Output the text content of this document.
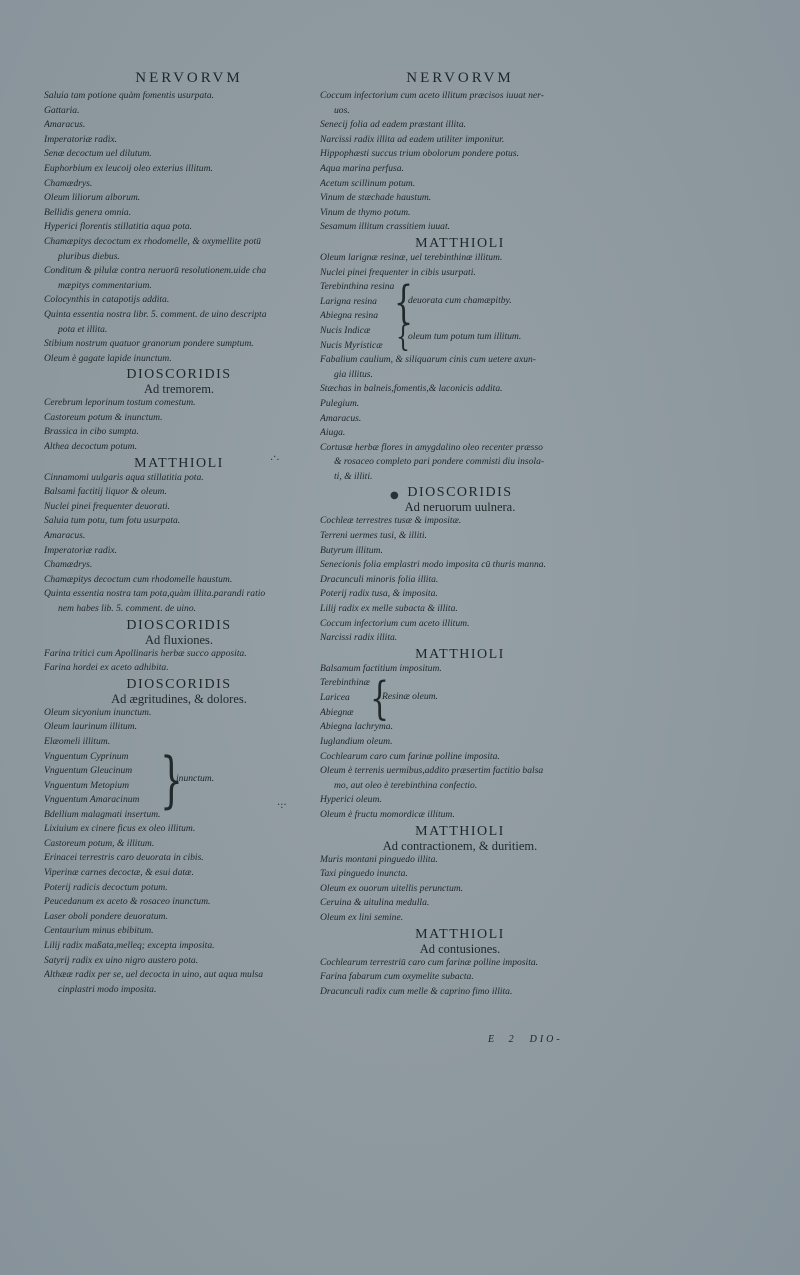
NERVORVM
Saluia tam potione quàm fomentis usurpata.
Gattaria.
Amaracus.
Imperatoriæ radix.
Senæ decoctum uel dilutum.
Euphorbium ex leucoij oleo exterius illitum.
Chamædrys.
Oleum liliorum alborum.
Bellidis genera omnia.
Hyperici florentis stillatitia aqua pota.
Chamæpitys decoctum ex rhodomelle, & oxymellite potū
pluribus diebus.
Conditum & pilulæ contra neruorū resolutionem.uide cha
mæpitys commentarium.
Colocynthis in catapotijs addita.
Quinta essentia nostra libr. 5. comment. de uino descripta
pota et illita.
Stibium nostrum quatuor granorum pondere sumptum.
Oleum è gagate lapide inunctum.
DIOSCORIDIS
Ad tremorem.
Cerebrum leporinum tostum comestum.
Castoreum potum & inunctum.
Brassica in cibo sumpta.
Althea decoctum potum.
MATTHIOLI
Cinnamomi uulgaris aqua stillatitia pota.
Balsami factitij liquor & oleum.
Nuclei pinei frequenter deuorati.
Saluia tum potu, tum fotu usurpata.
Amaracus.
Imperatoriæ radix.
Chamædrys.
Chamæpitys decoctum cum rhodomelle haustum.
Quinta essentia nostra tam pota,quàm illita.parandi ratio
nem habes lib. 5. comment. de uino.
DIOSCORIDIS
Ad fluxiones.
Farina tritici cum Apollinaris herbæ succo apposita.
Farina hordei ex aceto adhibita.
DIOSCORIDIS
Ad ægritudines, & dolores.
Oleum sicyonium inunctum.
Oleum laurinum illitum.
Elæomeli illitum.
Vnguentum Cyprinum
Vnguentum Gleucinum
Vnguentum Metopium
Vnguentum Amaracinum }
inunctum.
Bdellium malagmati insertum.
Lixiuium ex cinere ficus ex oleo illitum.
Castoreum potum, & illitum.
Erinacei terrestris caro deuorata in cibis.
Viperinæ carnes decoctæ, & esui datæ.
Poterij radicis decoctum potum.
Peucedanum ex aceto & rosaceo inunctum.
Laser oboli pondere deuoratum.
Centaurium minus ebibitum.
Lilij radix maßata,melleq; excepta imposita.
Satyrij radix ex uino nigro austero pota.
Althææ radix per se, uel decocta in uino, aut aqua mulsa
cinplastri modo imposita.
NERVORVM
Coccum infectorium cum aceto illitum præcisos iuuat ner-
uos.
Senecij folia ad eadem præstant illita.
Narcissi radix illita ad eadem utiliter imponitur.
Hippophæsti succus trium obolorum pondere potus.
Aqua marina perfusa.
Acetum scillinum potum.
Vinum de stæchade haustum.
Vinum de thymo potum.
Sesamum illitum crassitiem iuuat.
MATTHIOLI
Oleum larignæ resinæ, uel terebinthinæ illitum.
Nuclei pinei frequenter in cibis usurpati.
Terebinthina resina
Larigna resina
Abiegna resina {
deuorata cum chamæpitby.
Nucis Indicæ
Nucis Myristicæ {
oleum tum potum tum illitum.
Fabalium caulium, & siliquarum cinis cum uetere axun-
gia illitus.
Stæchas in balneis,fomentis,& laconicis addita.
Pulegium.
Amaracus.
Aiuga.
Cortusæ herbæ flores in amygdalino oleo recenter præsso
& rosaceo completo pari pondere commisti diu insola-
ti, & illiti.
DIOSCORIDIS
Ad neruorum uulnera.
Cochleæ terrestres tusæ & impositæ.
Terreni uermes tusi, & illiti.
Butyrum illitum.
Senecionis folia emplastri modo imposita cū thuris manna.
Dracunculi minoris folia illita.
Poterij radix tusa, & imposita.
Lilij radix ex melle subacta & illita.
Coccum infectorium cum aceto illitum.
Narcissi radix illita.
MATTHIOLI
Balsamum factitium impositum.
Terebinthinæ
Laricea
Abiegnæ {
Resinæ oleum.
Abiegna lachryma.
Iuglandium oleum.
Cochlearum caro cum farinæ polline imposita.
Oleum è terrenis uermibus,addito præsertim factitio balsa
mo, aut oleo è terebinthina confectio.
Hyperici oleum.
Oleum è fructu momordicæ illitum.
MATTHIOLI
Ad contractionem, & duritiem.
Muris montani pinguedo illita.
Taxi pinguedo inuncta.
Oleum ex ouorum uitellis perunctum.
Ceruina & uitulina medulla.
Oleum ex lini semine.
MATTHIOLI
Ad contusiones.
Cochlearum terrestriū caro cum farinæ polline imposita.
Farina fabarum cum oxymelite subacta.
Dracunculi radix cum melle & caprino fimo illita.
E 2 DIO-
.·.
·:·
●
